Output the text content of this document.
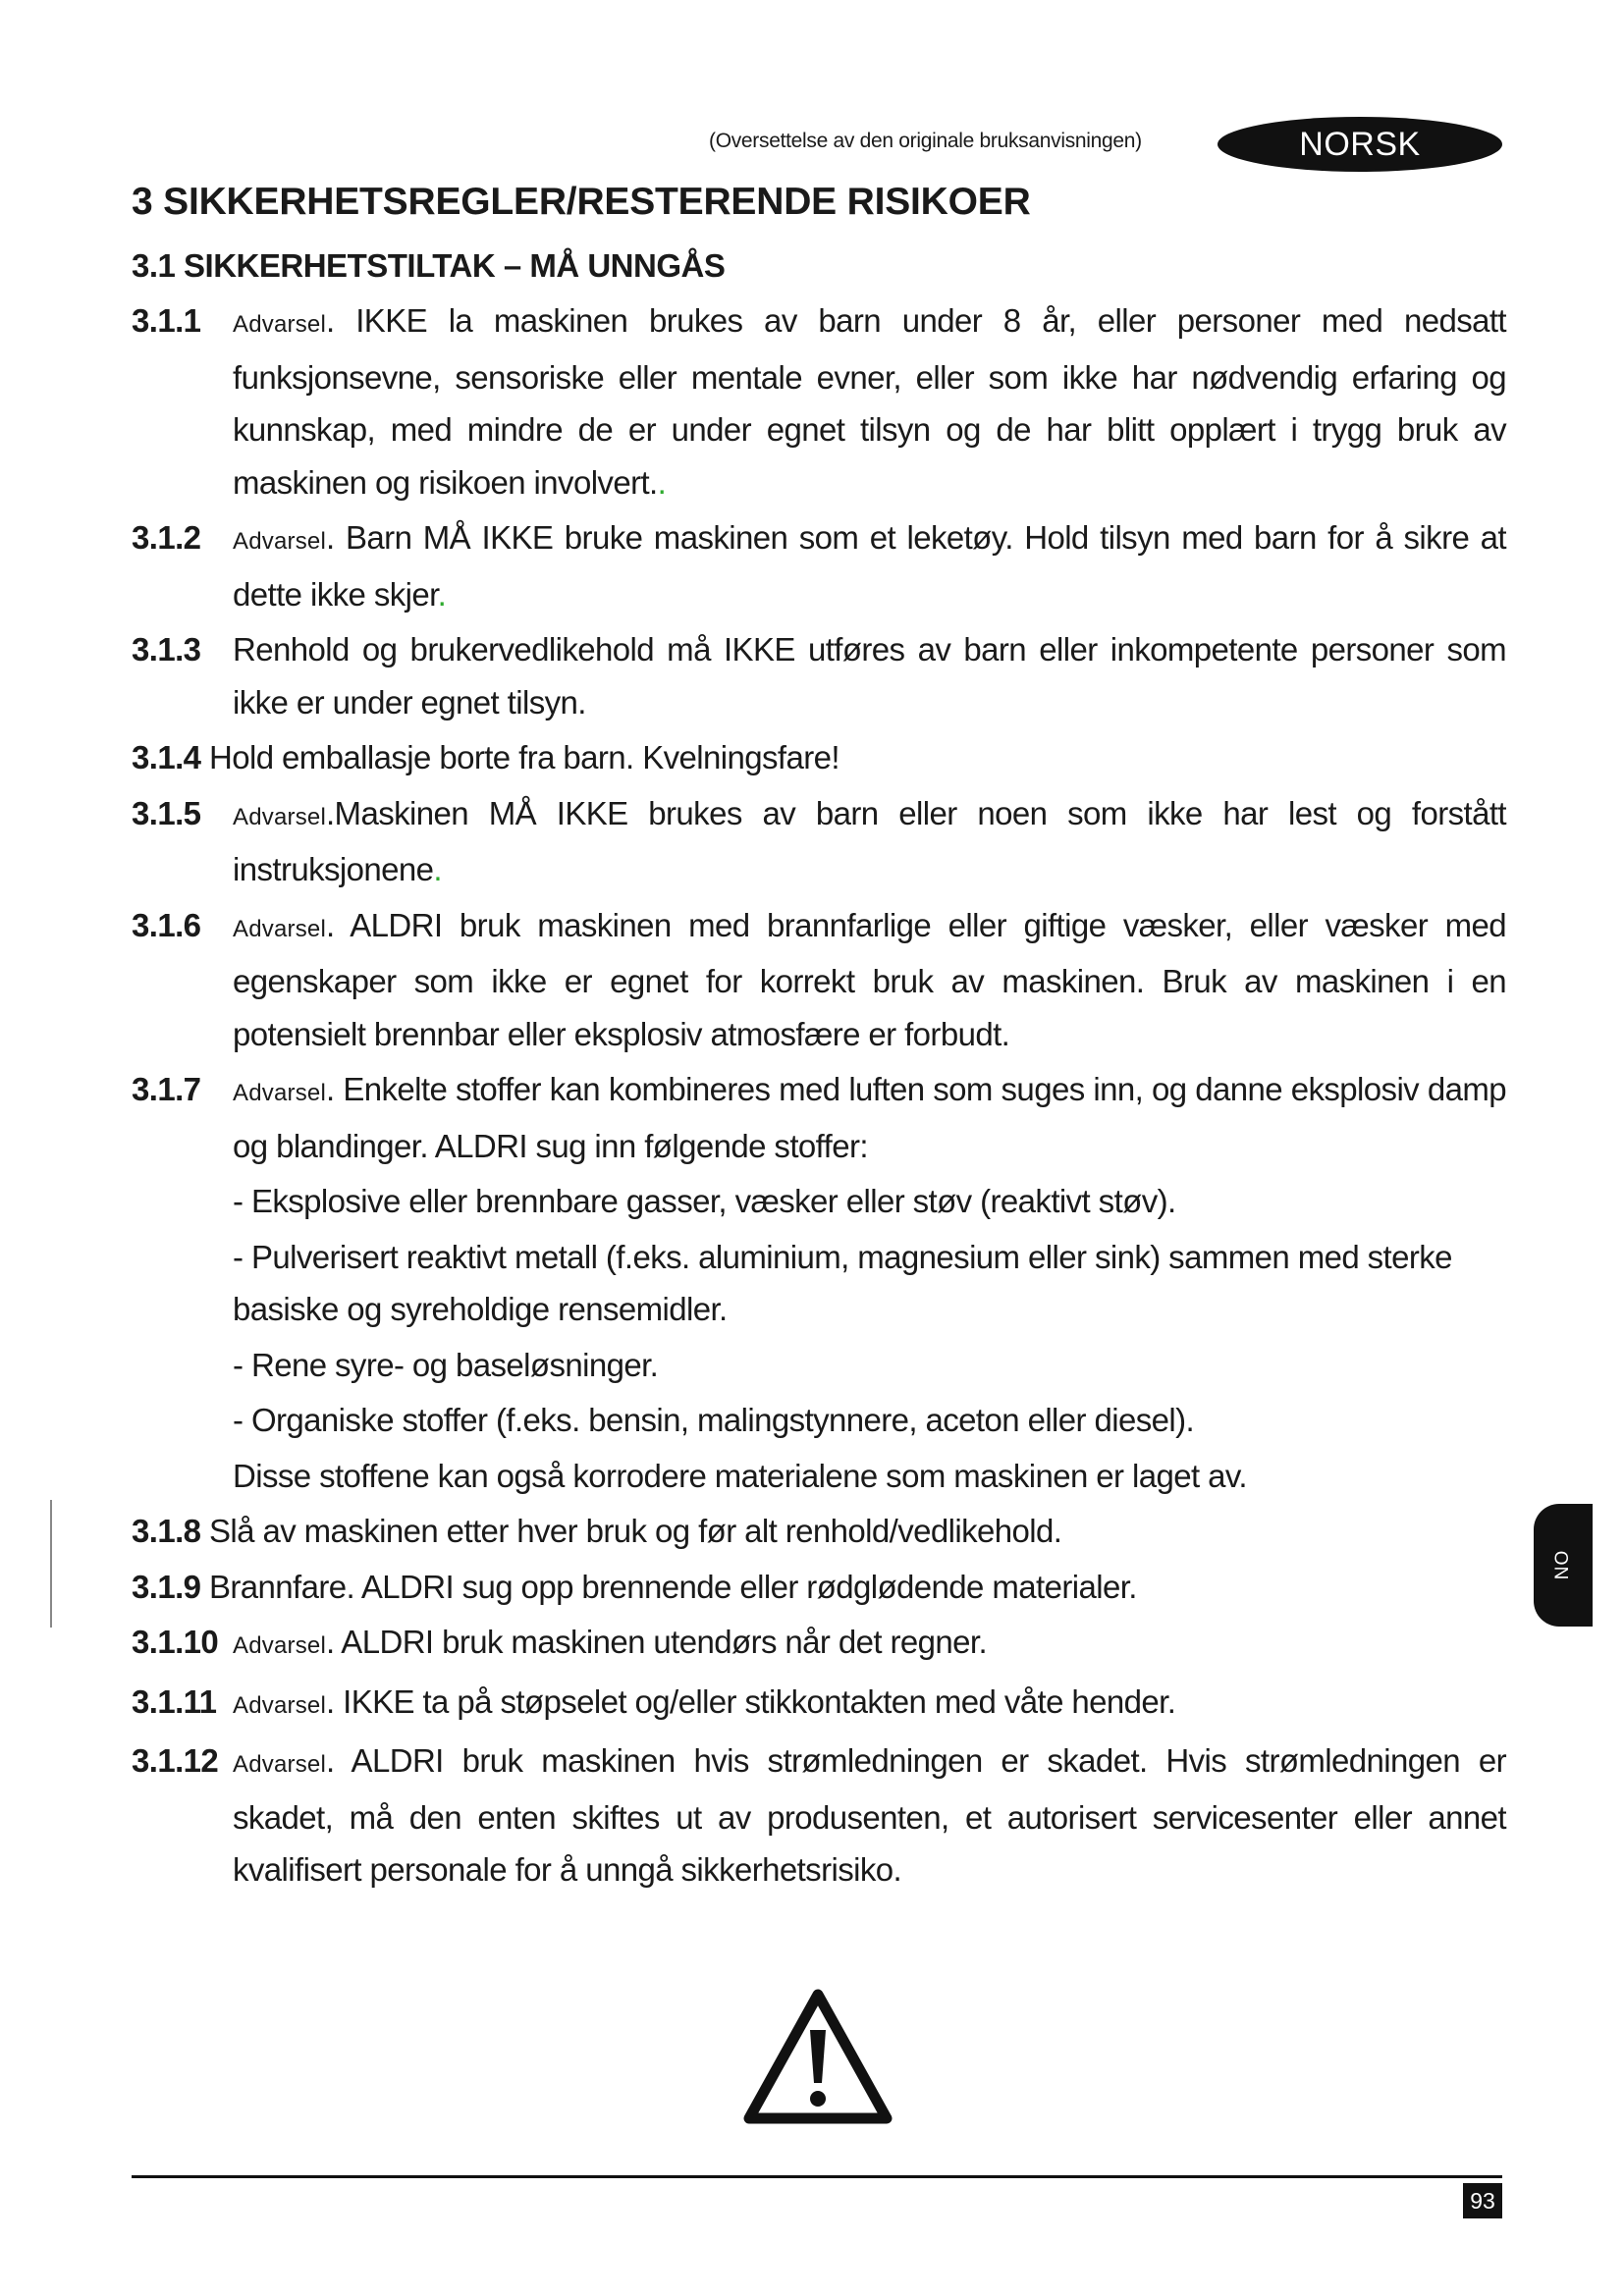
(Oversettelse av den originale bruksanvisningen)	NORSK
3 SIKKERHETSREGLER/RESTERENDE RISIKOER
3.1 SIKKERHETSTILTAK – MÅ UNNGÅS
3.1.1	Advarsel. IKKE la maskinen brukes av barn under 8 år, eller personer med nedsatt funksjonsevne, sensoriske eller mentale evner, eller som ikke har nødvendig erfaring og kunnskap, med mindre de er under egnet tilsyn og de har blitt opplært i trygg bruk av maskinen og risikoen involvert..
3.1.2	Advarsel. Barn MÅ IKKE bruke maskinen som et leketøy. Hold tilsyn med barn for å sikre at dette ikke skjer.
3.1.3 Renhold og brukervedlikehold må IKKE utføres av barn eller inkompetente personer som ikke er under egnet tilsyn.
3.1.4 Hold emballasje borte fra barn. Kvelningsfare!
3.1.5	Advarsel.Maskinen MÅ IKKE brukes av barn eller noen som ikke har lest og forstått instruksjonene.
3.1.6	Advarsel. ALDRI bruk maskinen med brannfarlige eller giftige væsker, eller væsker med egenskaper som ikke er egnet for korrekt bruk av maskinen. Bruk av maskinen i en potensielt brennbar eller eksplosiv atmosfære er forbudt.
3.1.7	Advarsel. Enkelte stoffer kan kombineres med luften som suges inn, og danne eksplosiv damp og blandinger. ALDRI sug inn følgende stoffer:
- Eksplosive eller brennbare gasser, væsker eller støv (reaktivt støv).
- Pulverisert reaktivt metall (f.eks. aluminium, magnesium eller sink) sammen med sterke basiske og syreholdige rensemidler.
- Rene syre- og baseløsninger.
- Organiske stoffer (f.eks. bensin, malingstynnere, aceton eller diesel).
Disse stoffene kan også korrodere materialene som maskinen er laget av.
3.1.8 Slå av maskinen etter hver bruk og før alt renhold/vedlikehold.
3.1.9 Brannfare. ALDRI sug opp brennende eller rødglødende materialer.
3.1.10 Advarsel. ALDRI bruk maskinen utendørs når det regner.
3.1.11 Advarsel. IKKE ta på støpselet og/eller stikkontakten med våte hender.
3.1.12 Advarsel. ALDRI bruk maskinen hvis strømledningen er skadet. Hvis strømledningen er skadet, må den enten skiftes ut av produsenten, et autorisert servicesenter eller annet kvalifisert personale for å unngå sikkerhetsrisiko.
NO
93
